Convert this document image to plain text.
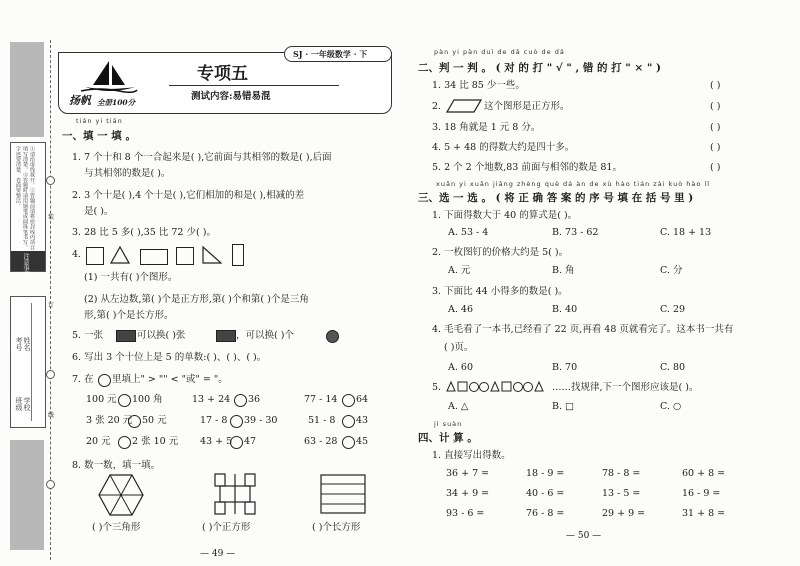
注意事项
①请沿虚线裁开。②答题前请将密封线内项目填写清楚。③答题时请用钢笔或圆珠笔书写，字迹要清楚、卷面要整洁。
学校
班级
姓名
考号
装
订
线
扬帆 全册100分
专项五
测试内容:易错易混
SJ · 一年级数学 · 下
tián yi tián
一、填 一 填 。
1. 7 个十和 8 个一合起来是( ),它前面与其相邻的数是( ),后面
与其相邻的数是( )。
2. 3 个十是( ),4 个十是( ),它们相加的和是( ),相减的差
是( )。
3. 28 比 5 多( ),35 比 72 少( )。
4.
(1) 一共有( )个图形。
(2) 从左边数,第( )个是正方形,第( )个和第( )个是三角
形,第( )个是长方形。
5. 一张	可以换( )张	，可以换( )个
6. 写出 3 个十位上是 5 的单数:( )、( )、( )。
7. 在 里填上" > "" < "或" = "。
100 元 100 角	13 + 24 36	77 - 14 64
3 张 20 元 50 元	17 - 8 39 - 30	51 - 8 43
20 元 2 张 10 元 43 + 5 47	63 - 28 45
8. 数一数，填一填。
( )个三角形	( )个正方形	( )个长方形
— 49 —
pàn yi pàn duì de dǎ cuò de dǎ
二、判 一 判 。 ( 对 的 打 " √ " , 错 的 打 " × " )
1. 34 比 85 少一些。	( )
2.	这个图形是正方形。	( )
3. 18 角就是 1 元 8 分。	( )
4. 5 + 48 的得数大约是四十多。	( )
5. 2 个 2 个地数,83 前面与相邻的数是 81。	( )
xuǎn yi xuǎn jiāng zhèng què dá àn de xù hào tián zài kuò hào lǐ
三、选 一 选 。 ( 将 正 确 答 案 的 序 号 填 在 括 号 里 )
1. 下面得数大于 40 的算式是( )。
A. 53 - 4	B. 73 - 62	C. 18 + 13
2. 一枚图钉的价格大约是 5( )。
A. 元	B. 角	C. 分
3. 下面比 44 小得多的数是( )。
A. 46	B. 40	C. 29
4. 毛毛看了一本书,已经看了 22 页,再看 48 页就看完了。这本书一共有
( )页。
A. 60	B. 70	C. 80
5.	……找规律,下一个图形应该是( )。
A. △	B. □	C. ○
jì suàn
四、计 算 。
1. 直接写出得数。
36 + 7 =	18 - 9 =	78 - 8 =	60 + 8 =
34 + 9 =	40 - 6 =	13 - 5 =	16 - 9 =
93 - 6 =	76 - 8 =	29 + 9 =	31 + 8 =
— 50 —
